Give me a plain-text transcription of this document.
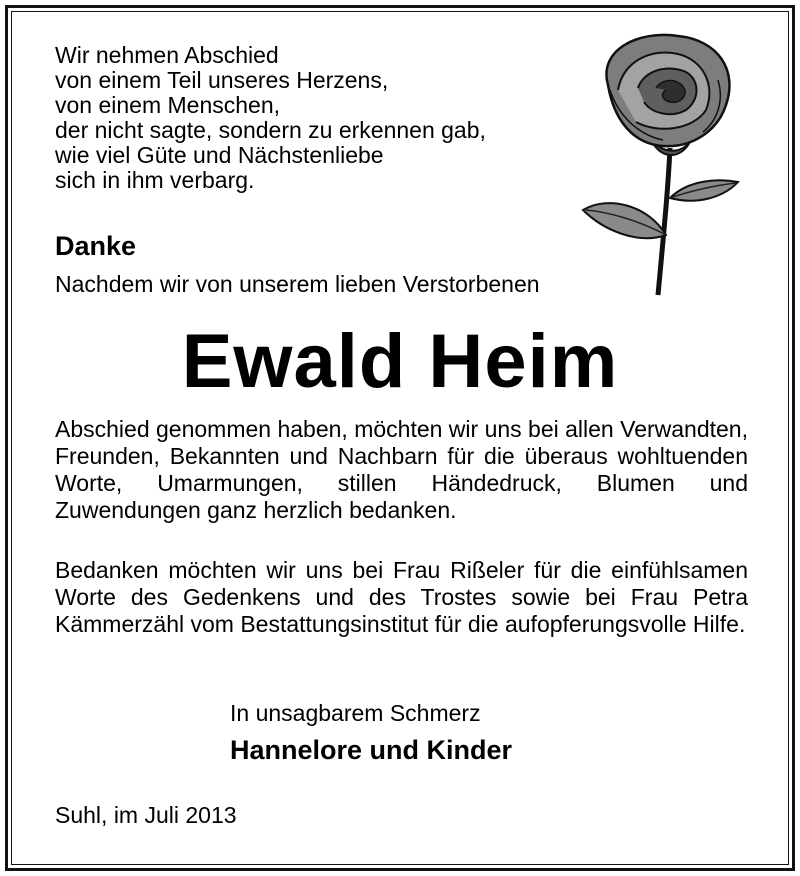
Wir nehmen Abschied
von einem Teil unseres Herzens,
von einem Menschen,
der nicht sagte, sondern zu erkennen gab,
wie viel Güte und Nächstenliebe
sich in ihm verbarg.
Danke
Nachdem wir von unserem lieben Verstorbenen
Ewald Heim
Abschied genommen haben, möchten wir uns bei allen Verwandten, Freunden, Bekannten und Nachbarn für die überaus wohltuenden Worte, Umarmungen, stillen Händedruck, Blumen und Zuwendungen ganz herzlich bedanken.
Bedanken möchten wir uns bei Frau Rißeler für die einfühlsamen Worte des Gedenkens und des Trostes sowie bei Frau Petra Kämmerzähl vom Bestattungsinstitut für die aufopferungsvolle Hilfe.
In unsagbarem Schmerz
Hannelore und Kinder
Suhl, im Juli 2013
